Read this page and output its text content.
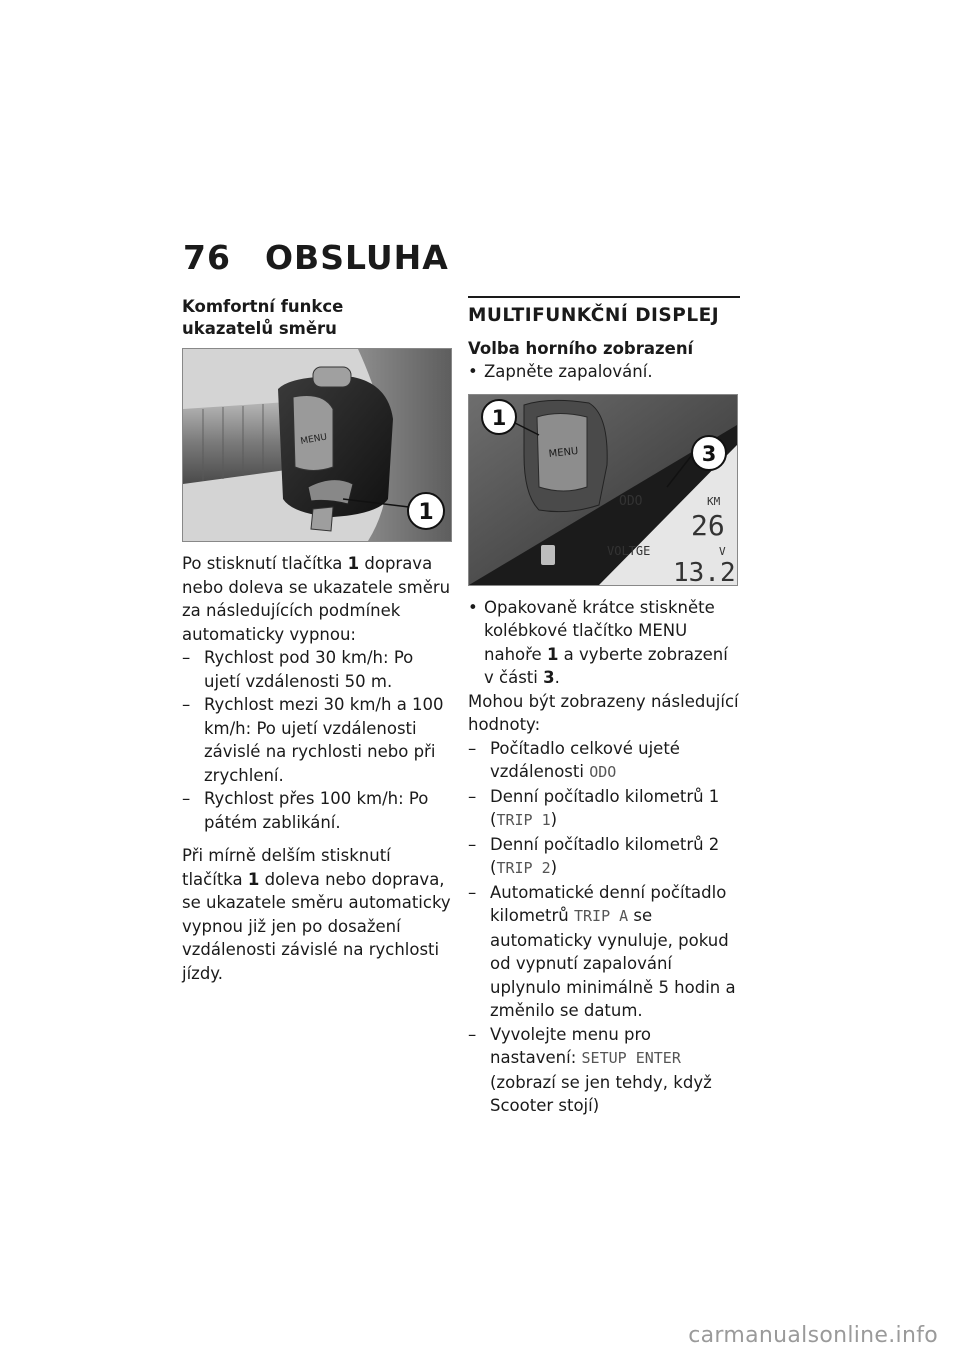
76 OBSLUHA
Komfortní funkce ukazatelů směru
MENU
1

Po stisknutí tlačítka 1 doprava nebo doleva se ukazatele směru za následujících podmínek automaticky vypnou:

– Rychlost pod 30 km/h: Po ujetí vzdálenosti 50 m.
– Rychlost mezi 30 km/h a 100 km/h: Po ujetí vzdálenosti závislé na rychlosti nebo při zrychlení.
– Rychlost přes 100 km/h: Po pátém zablikání.

Při mírně delším stisknutí tlačítka 1 doleva nebo doprava, se ukazatele směru automaticky vypnou již jen po dosažení vzdálenosti závislé na rychlosti jízdy.

MULTIFUNKČNÍ DISPLEJ
Volba horního zobrazení
• Zapněte zapalování.
MENU
1
3
ODO	KM
26
VOLTGE	V
13.2
• Opakovaně krátce stiskněte kolébkové tlačítko MENU nahoře 1 a vyberte zobrazení v části 3.

Mohou být zobrazeny následující hodnoty:

– Počítadlo celkové ujeté vzdálenosti ODO
– Denní počítadlo kilometrů 1 (TRIP 1)
– Denní počítadlo kilometrů 2 (TRIP 2)
– Automatické denní počítadlo kilometrů TRIP A se automaticky vynuluje, pokud od vypnutí zapalování uplynulo minimálně 5 hodin a změnilo se datum.
– Vyvolejte menu pro nastavení: SETUP ENTER (zobrazí se jen tehdy, když Scooter stojí)
carmanualsonline.info
